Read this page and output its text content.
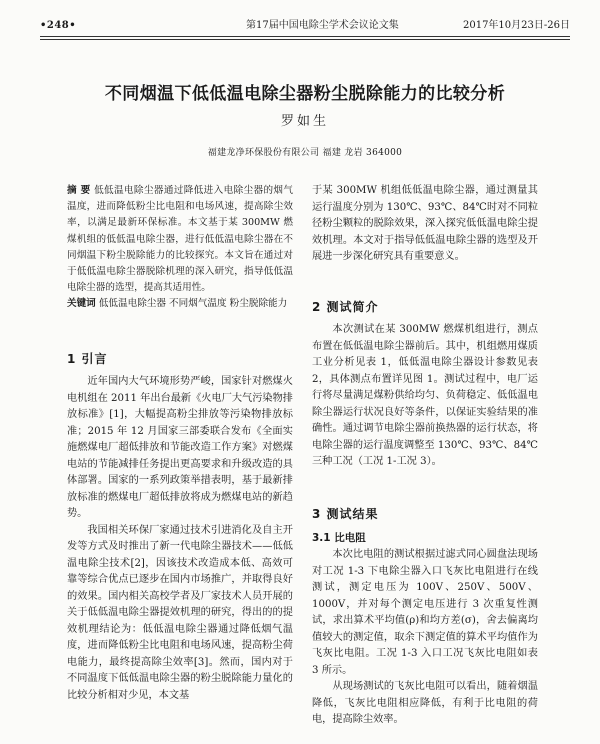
•248•	第17届中国电除尘学术会议论文集	2017年10月23日-26日
不同烟温下低低温电除尘器粉尘脱除能力的比较分析
罗如生
福建龙净环保股份有限公司 福建 龙岩 364000
摘 要 低低温电除尘器通过降低进入电除尘器的烟气温度，进而降低粉尘比电阻和电场风速，提高除尘效率，以满足最新环保标准。本文基于某 300MW 燃煤机组的低低温电除尘器，进行低低温电除尘器在不同烟温下粉尘脱除能力的比较探究。本文旨在通过对于低低温电除尘器脱除机理的深入研究，指导低低温电除尘器的选型，提高其适用性。
关键词 低低温电除尘器 不同烟气温度 粉尘脱除能力
1 引言

近年国内大气环境形势严峻，国家针对燃煤火电机组在 2011 年出台最新《火电厂大气污染物排放标准》[1]，大幅提高粉尘排放等污染物排放标准；2015 年 12 月国家三部委联合发布《全面实施燃煤电厂超低排放和节能改造工作方案》对燃煤电站的节能减排任务提出更高要求和升级改造的具体部署。国家的一系列政策举措表明，基于最新排放标准的燃煤电厂超低排放将成为燃煤电站的新趋势。

我国相关环保厂家通过技术引进消化及自主开发等方式及时推出了新一代电除尘器技术——低低温电除尘技术[2]，因该技术改造成本低、高效可靠等综合优点已逐步在国内市场推广，并取得良好的效果。国内相关高校学者及厂家技术人员开展的关于低低温电除尘器提效机理的研究，得出的的提效机理结论为：低低温电除尘器通过降低烟气温度，进而降低粉尘比电阻和电场风速，提高粉尘荷电能力，最终提高除尘效率[3]。然而，国内对于不同温度下低低温电除尘器的粉尘脱除能力量化的比较分析相对少见，本文基

于某 300MW 机组低低温电除尘器，通过测量其运行温度分别为 130℃、93℃、84℃时对不同粒径粉尘颗粒的脱除效果，深入探究低低温电除尘提效机理。本文对于指导低低温电除尘器的选型及开展进一步深化研究具有重要意义。

2 测试简介

本次测试在某 300MW 燃煤机组进行，测点布置在低低温电除尘器前后。其中，机组燃用煤质工业分析见表 1，低低温电除尘器设计参数见表 2，具体测点布置详见图 1。测试过程中，电厂运行将尽量满足煤粉供给均匀、负荷稳定、低低温电除尘器运行状况良好等条件，以保证实验结果的准确性。通过调节电除尘器前换热器的运行状态，将电除尘器的运行温度调整至 130℃、93℃、84℃三种工况（工况 1-工况 3）。

3 测试结果
3.1 比电阻

本次比电阻的测试根据过滤式同心圆盘法现场对工况 1-3 下电除尘器入口飞灰比电阻进行在线测试，测定电压为 100V、250V、500V、1000V，并对每个测定电压进行 3 次重复性测试，求出算术平均值(ρ)和均方差(σ)，舍去偏离均值较大的测定值，取余下测定值的算术平均值作为飞灰比电阻。工况 1-3 入口工况飞灰比电阻如表 3 所示。

从现场测试的飞灰比电阻可以看出，随着烟温降低，飞灰比电阻相应降低，有利于比电阻的荷电，提高除尘效率。
